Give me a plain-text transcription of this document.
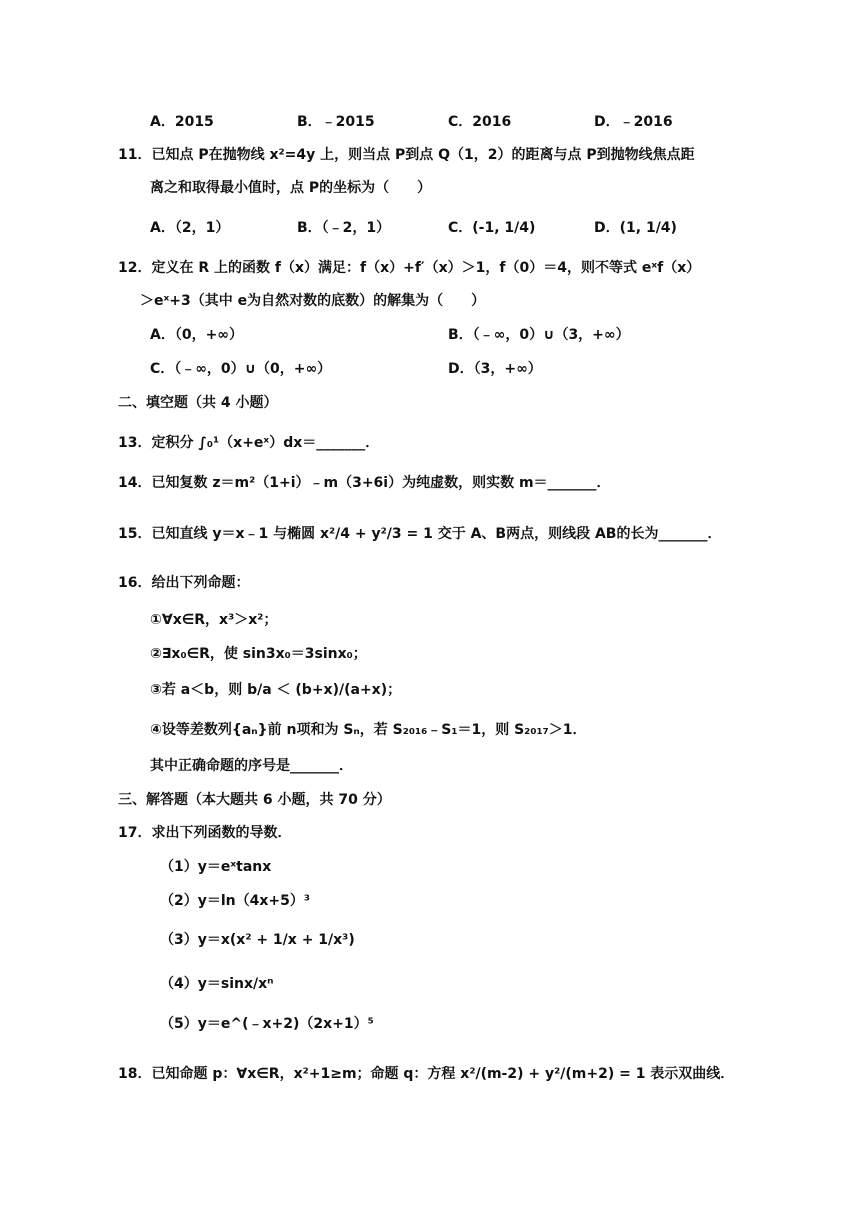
A．2015	B．﹣2015	C．2016	D．﹣2016
11．已知点 P在抛物线 x²=4y 上，则当点 P到点 Q（1，2）的距离与点 P到抛物线焦点距
离之和取得最小值时，点 P的坐标为（　　）
A．（2，1）	B．（﹣2，1）	C．(-1, 1/4)	D．(1, 1/4)
12．定义在 R 上的函数 f（x）满足：f（x）+f′（x）＞1，f（0）＝4，则不等式 eˣf（x）
＞eˣ+3（其中 e为自然对数的底数）的解集为（　　）
A．（0，+∞）	B．（﹣∞，0）∪（3，+∞）
C．（﹣∞，0）∪（0，+∞）	D．（3，+∞）
二、填空题（共 4 小题）
13．定积分 ∫₀¹（x+eˣ）dx＝_______．
14．已知复数 z＝m²（1+i）﹣m（3+6i）为纯虚数，则实数 m＝_______．
15．已知直线 y＝x﹣1 与椭圆 x²/4 + y²/3 = 1 交于 A、B两点，则线段 AB的长为_______．
16．给出下列命题：
①∀x∈R，x³＞x²；
②∃x₀∈R，使 sin3x₀＝3sinx₀；
③若 a＜b，则 b/a ＜ (b+x)/(a+x)；
④设等差数列{aₙ}前 n项和为 Sₙ，若 S₂₀₁₆﹣S₁＝1，则 S₂₀₁₇＞1．
其中正确命题的序号是_______．
三、解答题（本大题共 6 小题，共 70 分）
17．求出下列函数的导数．
（1）y＝eˣtanx
（2）y＝ln（4x+5）³
（3）y＝x(x² + 1/x + 1/x³)
（4）y＝sinx/xⁿ
（5）y＝e^(﹣x+2)（2x+1）⁵
18．已知命题 p：∀x∈R，x²+1≥m；命题 q：方程 x²/(m-2) + y²/(m+2) = 1 表示双曲线．
